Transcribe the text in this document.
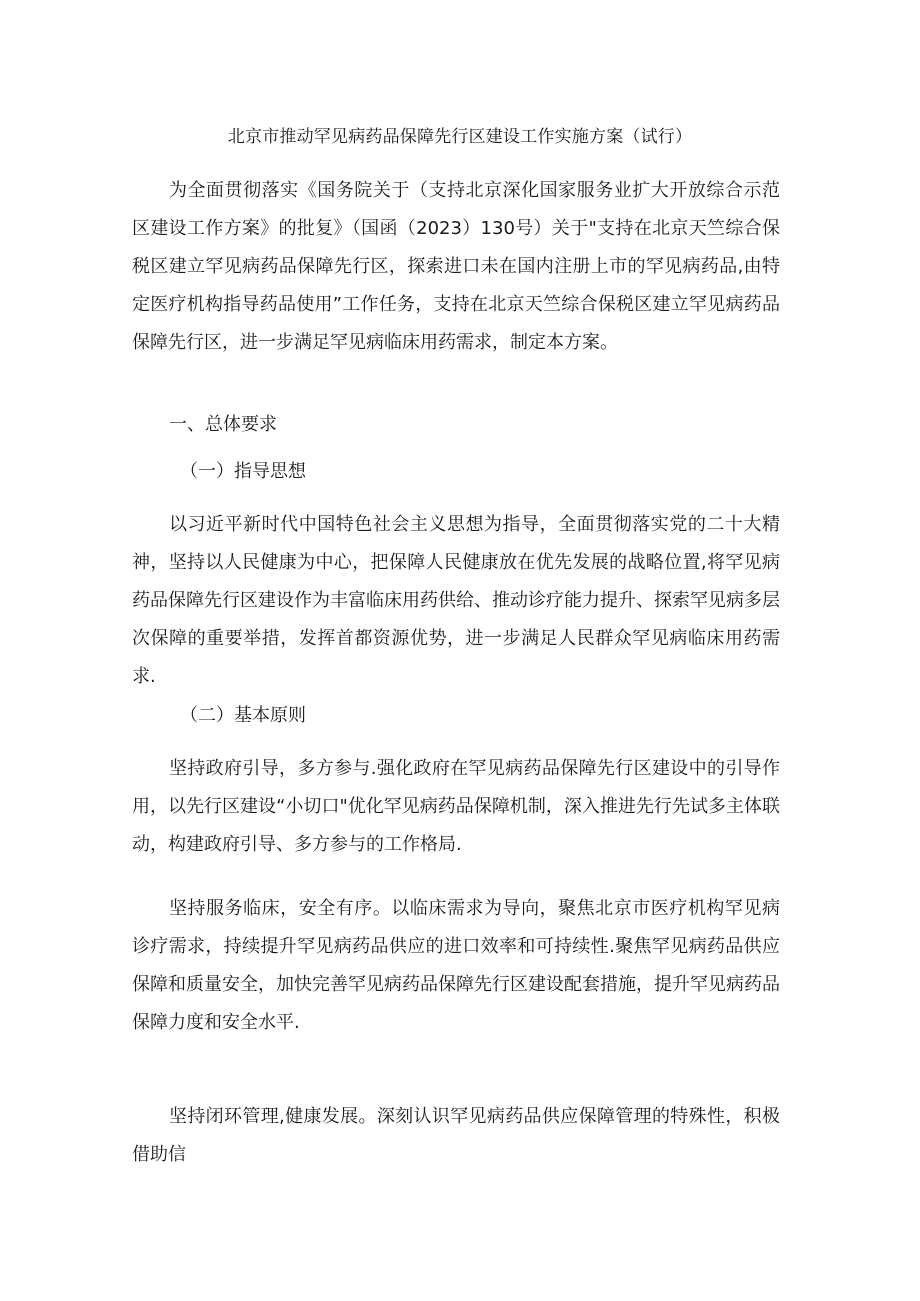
北京市推动罕见病药品保障先行区建设工作实施方案（试行）

为全面贯彻落实《国务院关于（支持北京深化国家服务业扩大开放综合示范区建设工作方案》的批复》（国函（2023）130号）关于"支持在北京天竺综合保税区建立罕见病药品保障先行区，探索进口未在国内注册上市的罕见病药品,由特定医疗机构指导药品使用”工作任务，支持在北京天竺综合保税区建立罕见病药品保障先行区，进一步满足罕见病临床用药需求，制定本方案。

一、总体要求

（一）指导思想

以习近平新时代中国特色社会主义思想为指导，全面贯彻落实党的二十大精神，坚持以人民健康为中心，把保障人民健康放在优先发展的战略位置,将罕见病药品保障先行区建设作为丰富临床用药供给、推动诊疗能力提升、探索罕见病多层次保障的重要举措，发挥首都资源优势，进一步满足人民群众罕见病临床用药需求.

（二）基本原则

坚持政府引导，多方参与.强化政府在罕见病药品保障先行区建设中的引导作用，以先行区建设“小切口"优化罕见病药品保障机制，深入推进先行先试多主体联动，构建政府引导、多方参与的工作格局.

坚持服务临床，安全有序。以临床需求为导向，聚焦北京市医疗机构罕见病诊疗需求，持续提升罕见病药品供应的进口效率和可持续性.聚焦罕见病药品供应保障和质量安全，加快完善罕见病药品保障先行区建设配套措施，提升罕见病药品保障力度和安全水平.

坚持闭环管理,健康发展。深刻认识罕见病药品供应保障管理的特殊性，积极借助信
